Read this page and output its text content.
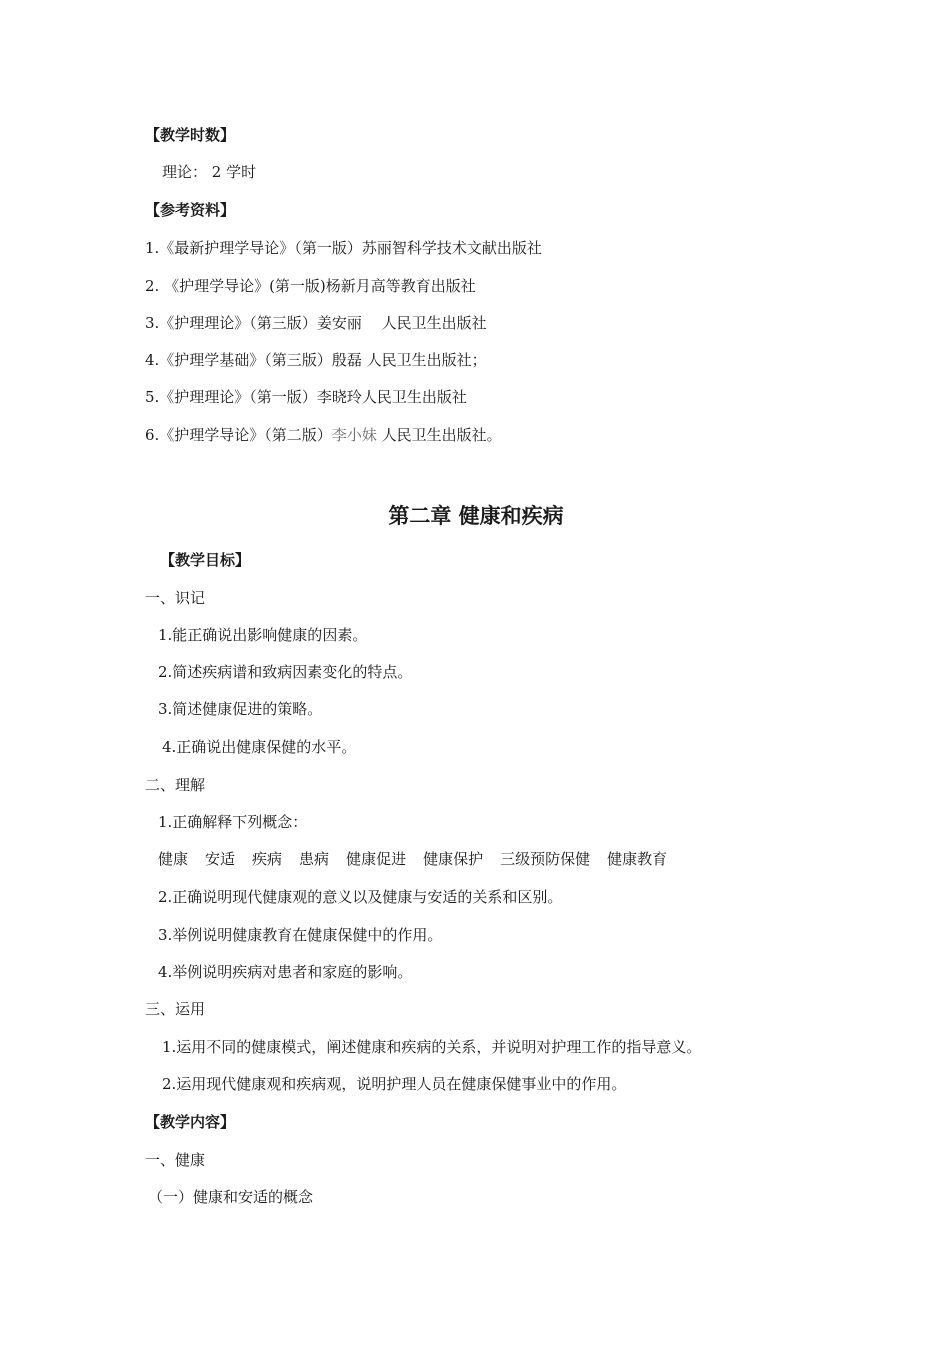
【教学时数】
理论： 2 学时
【参考资料】
1.《最新护理学导论》（第一版）苏丽智科学技术文献出版社
2. 《护理学导论》(第一版)杨新月高等教育出版社
3.《护理理论》（第三版）姜安丽　 人民卫生出版社
4.《护理学基础》（第三版）殷磊 人民卫生出版社；
5.《护理理论》（第一版）李晓玲人民卫生出版社
6.《护理学导论》（第二版）李小妹 人民卫生出版社。
第二章 健康和疾病
【教学目标】
一、识记
1.能正确说出影响健康的因素。
2.简述疾病谱和致病因素变化的特点。
3.简述健康促进的策略。
4.正确说出健康保健的水平。
二、理解
1.正确解释下列概念：
健康 安适 疾病 患病 健康促进 健康保护 三级预防保健 健康教育
2.正确说明现代健康观的意义以及健康与安适的关系和区别。
3.举例说明健康教育在健康保健中的作用。
4.举例说明疾病对患者和家庭的影响。
三、运用
1.运用不同的健康模式，阐述健康和疾病的关系，并说明对护理工作的指导意义。
2.运用现代健康观和疾病观，说明护理人员在健康保健事业中的作用。
【教学内容】
一、健康
（一）健康和安适的概念
